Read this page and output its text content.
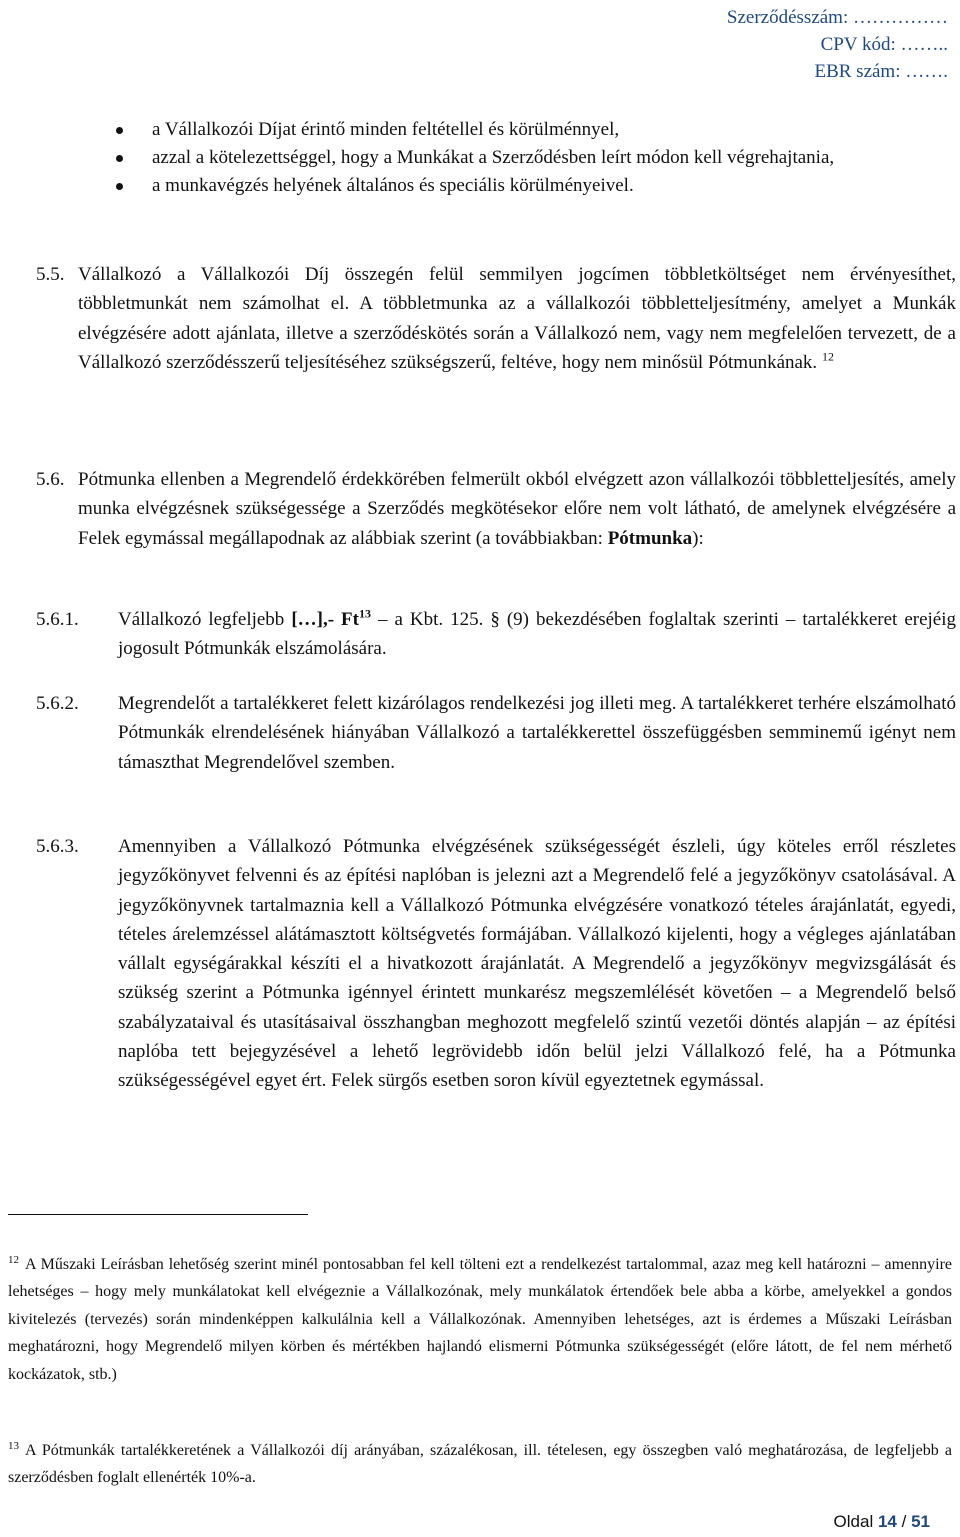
Szerződésszám: ……………
CPV kód: ……..
EBR szám: …….
a Vállalkozói Díjat érintő minden feltétellel és körülménnyel,
azzal a kötelezettséggel, hogy a Munkákat a Szerződésben leírt módon kell végrehajtania,
a munkavégzés helyének általános és speciális körülményeivel.
5.5. Vállalkozó a Vállalkozói Díj összegén felül semmilyen jogcímen többletköltséget nem érvényesíthet, többletmunkát nem számolhat el. A többletmunka az a vállalkozói többletteljesítmény, amelyet a Munkák elvégzésére adott ajánlata, illetve a szerződéskötés során a Vállalkozó nem, vagy nem megfelelően tervezett, de a Vállalkozó szerződésszerű teljesítéséhez szükségszerű, feltéve, hogy nem minősül Pótmunkának. $^{12}$
5.6. Pótmunka ellenben a Megrendelő érdekkörében felmerült okból elvégzett azon vállalkozói többletteljesítés, amely munka elvégzésnek szükségessége a Szerződés megkötésekor előre nem volt látható, de amelynek elvégzésére a Felek egymással megállapodnak az alábbiak szerint (a továbbiakban: Pótmunka):
5.6.1. Vállalkozó legfeljebb […],- Ft$^{13}$ – a Kbt. 125. § (9) bekezdésében foglaltak szerinti – tartalékkeret erejéig jogosult Pótmunkák elszámolására.
5.6.2. Megrendelőt a tartalékkeret felett kizárólagos rendelkezési jog illeti meg. A tartalékkeret terhére elszámolható Pótmunkák elrendelésének hiányában Vállalkozó a tartalékkerettel összefüggésben semminemű igényt nem támaszthat Megrendelővel szemben.
5.6.3. Amennyiben a Vállalkozó Pótmunka elvégzésének szükségességét észleli, úgy köteles erről részletes jegyzőkönyvet felvenni és az építési naplóban is jelezni azt a Megrendelő felé a jegyzőkönyv csatolásával. A jegyzőkönyvnek tartalmaznia kell a Vállalkozó Pótmunka elvégzésére vonatkozó tételes árajánlatát, egyedi, tételes árelemzéssel alátámasztott költségvetés formájában. Vállalkozó kijelenti, hogy a végleges ajánlatában vállalt egységárakkal készíti el a hivatkozott árajánlatát. A Megrendelő a jegyzőkönyv megvizsgálását és szükség szerint a Pótmunka igénnyel érintett munkarész megszemlélését követően – a Megrendelő belső szabályzataival és utasításaival összhangban meghozott megfelelő szintű vezetői döntés alapján – az építési naplóba tett bejegyzésével a lehető legrövidebb időn belül jelzi Vállalkozó felé, ha a Pótmunka szükségességével egyet ért. Felek sürgős esetben soron kívül egyeztetnek egymással.
$^{12}$ A Műszaki Leírásban lehetőség szerint minél pontosabban fel kell tölteni ezt a rendelkezést tartalommal, azaz meg kell határozni – amennyire lehetséges – hogy mely munkálatokat kell elvégeznie a Vállalkozónak, mely munkálatok értendőek bele abba a körbe, amelyekkel a gondos kivitelezés (tervezés) során mindenképpen kalkulálnia kell a Vállalkozónak. Amennyiben lehetséges, azt is érdemes a Műszaki Leírásban meghatározni, hogy Megrendelő milyen körben és mértékben hajlandó elismerni Pótmunka szükségességét (előre látott, de fel nem mérhető kockázatok, stb.)
$^{13}$ A Pótmunkák tartalékkeretének a Vállalkozói díj arányában, százalékosan, ill. tételesen, egy összegben való meghatározása, de legfeljebb a szerződésben foglalt ellenérték 10%-a.
Oldal 14 / 51
